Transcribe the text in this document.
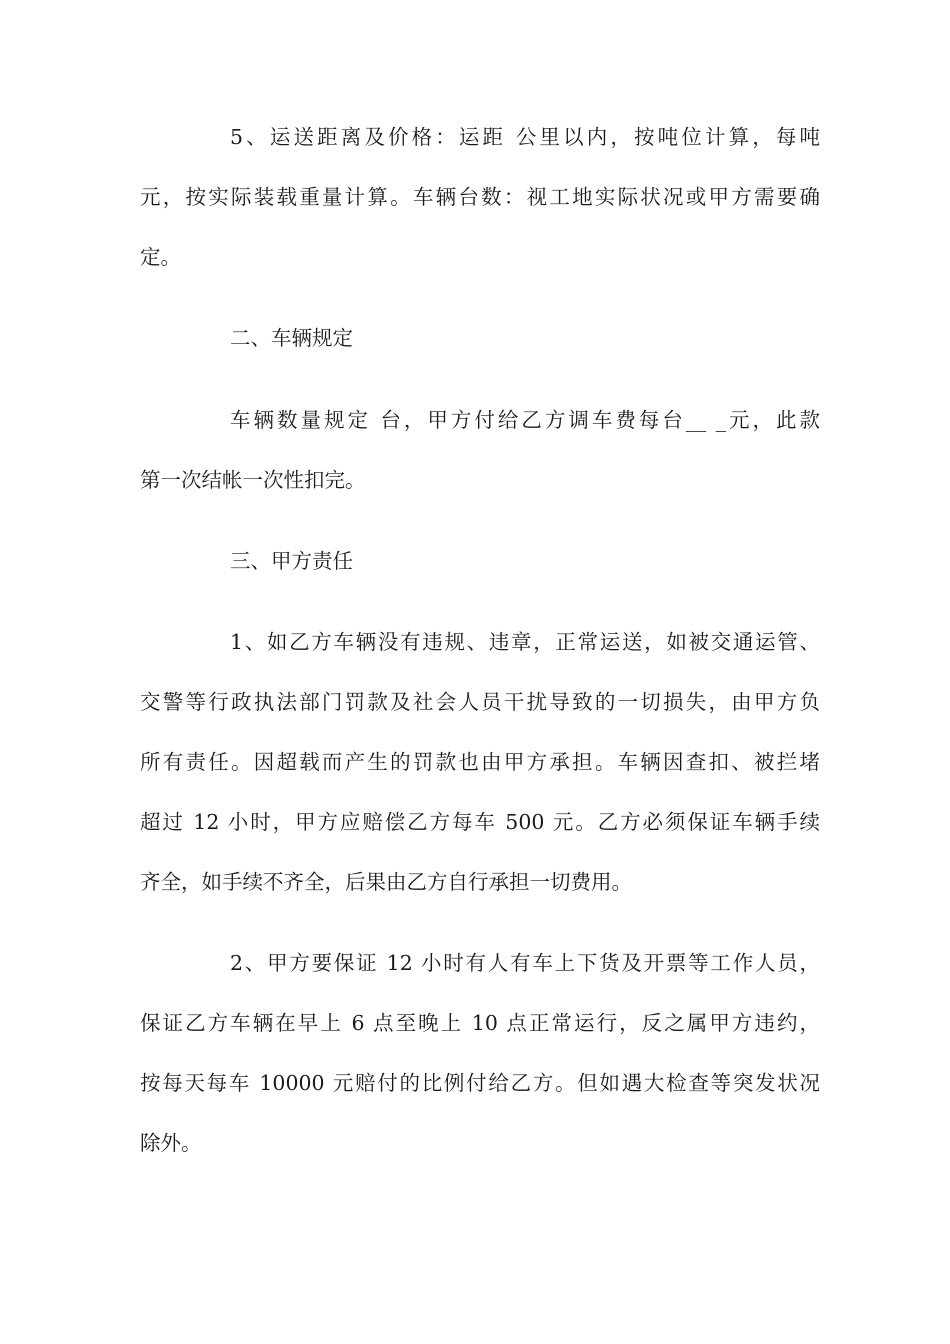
5、运送距离及价格：运距 公里以内，按吨位计算，每吨
元，按实际装载重量计算。车辆台数：视工地实际状况或甲方需要确
定。
二、车辆规定
车辆数量规定 台，甲方付给乙方调车费每台__ _元，此款
第一次结帐一次性扣完。
三、甲方责任
1、如乙方车辆没有违规、违章，正常运送，如被交通运管、
交警等行政执法部门罚款及社会人员干扰导致的一切损失，由甲方负
所有责任。因超载而产生的罚款也由甲方承担。车辆因查扣、被拦堵
超过 12 小时，甲方应赔偿乙方每车 500 元。乙方必须保证车辆手续
齐全，如手续不齐全，后果由乙方自行承担一切费用。
2、甲方要保证 12 小时有人有车上下货及开票等工作人员，
保证乙方车辆在早上 6 点至晚上 10 点正常运行，反之属甲方违约，
按每天每车 10000 元赔付的比例付给乙方。但如遇大检查等突发状况
除外。
